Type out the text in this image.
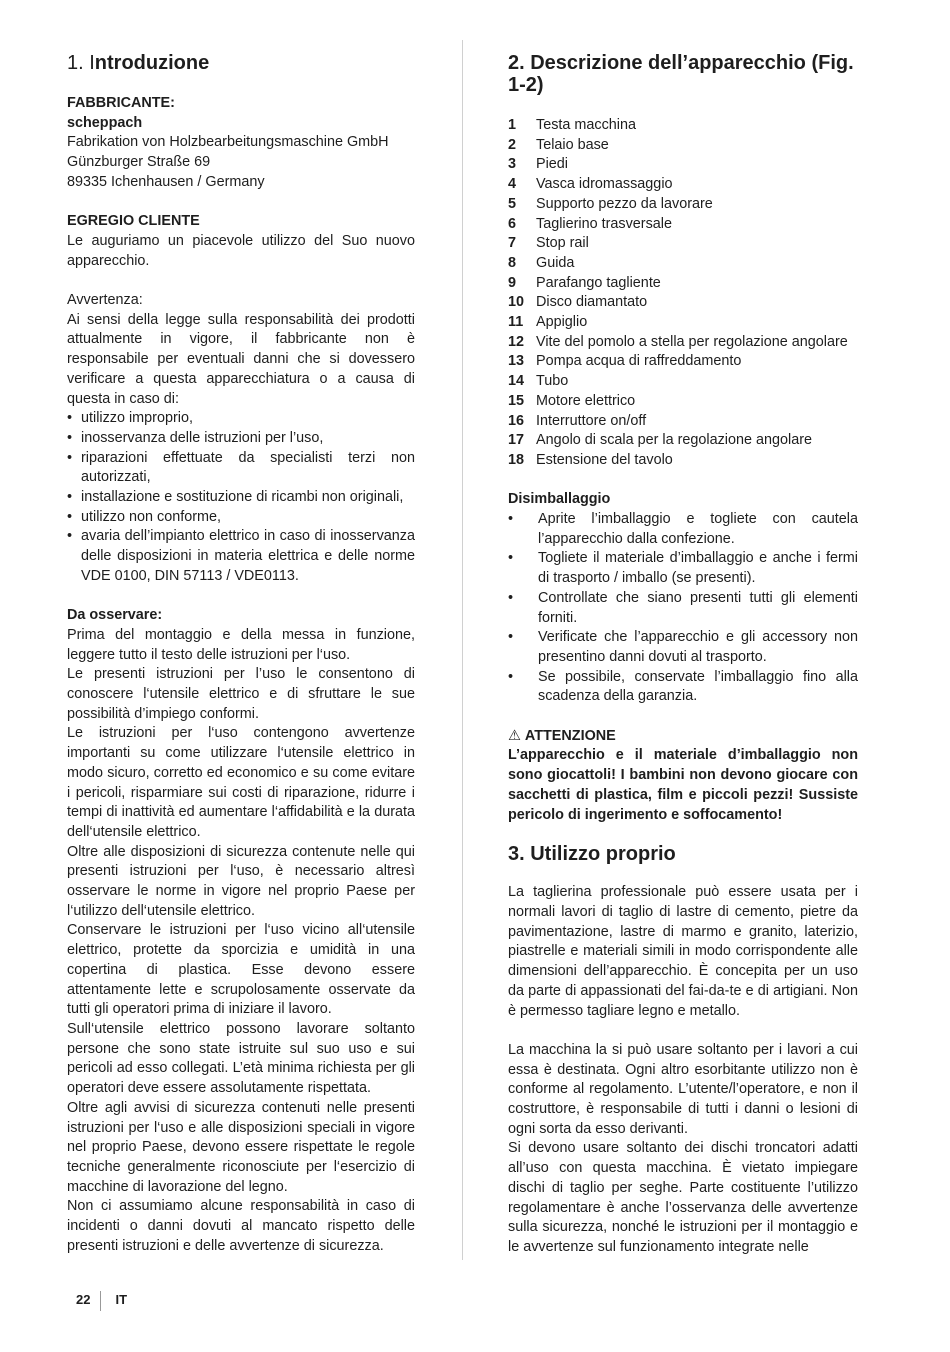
1. Introduzione

FABBRICANTE:

scheppach

Fabrikation von Holzbearbeitungsmaschine GmbH

Günzburger Straße 69

89335 Ichenhausen / Germany

EGREGIO CLIENTE

Le auguriamo un piacevole utilizzo del Suo nuovo apparecchio.

Avvertenza:

Ai sensi della legge sulla responsabilità dei prodotti attualmente in vigore, il fabbricante non è responsabile per eventuali danni che si dovessero verificare a questa apparecchiatura o a causa di questa in caso di:

• utilizzo improprio,
• inosservanza delle istruzioni per l’uso,
• riparazioni effettuate da specialisti terzi non autorizzati,
• installazione e sostituzione di ricambi non originali,
• utilizzo non conforme,
• avaria dell’impianto elettrico in caso di inosservanza delle disposizioni in materia elettrica e delle norme VDE 0100, DIN 57113 / VDE0113.

Da osservare:

Prima del montaggio e della messa in funzione, leggere tutto il testo delle istruzioni per l‘uso.

Le presenti istruzioni per l’uso le consentono di conoscere l‘utensile elettrico e di sfruttare le sue possibilità d’impiego conformi.

Le istruzioni per l‘uso contengono avvertenze importanti su come utilizzare l‘utensile elettrico in modo sicuro, corretto ed economico e su come evitare i pericoli, risparmiare sui costi di riparazione, ridurre i tempi di inattività ed aumentare l‘affidabilità e la durata dell‘utensile elettrico.

Oltre alle disposizioni di sicurezza contenute nelle qui presenti istruzioni per l‘uso, è necessario altresì osservare le norme in vigore nel proprio Paese per l‘utilizzo dell‘utensile elettrico.

Conservare le istruzioni per l‘uso vicino all‘utensile elettrico, protette da sporcizia e umidità in una copertina di plastica. Esse devono essere attentamente lette e scrupolosamente osservate da tutti gli operatori prima di iniziare il lavoro.

Sull‘utensile elettrico possono lavorare soltanto persone che sono state istruite sul suo uso e sui pericoli ad esso collegati. L’età minima richiesta per gli operatori deve essere assolutamente rispettata.

Oltre agli avvisi di sicurezza contenuti nelle presenti istruzioni per l‘uso e alle disposizioni speciali in vigore nel proprio Paese, devono essere rispettate le regole tecniche generalmente riconosciute per l‘esercizio di macchine di lavorazione del legno.

Non ci assumiamo alcune responsabilità in caso di incidenti o danni dovuti al mancato rispetto delle presenti istruzioni e delle avvertenze di sicurezza.

2. Descrizione dell’apparecchio (Fig. 1-2)
1	Testa macchina
2	Telaio base
3	Piedi
4	Vasca idromassaggio
5	Supporto pezzo da lavorare
6	Taglierino trasversale
7	Stop rail
8	Guida
9	Parafango tagliente
10 Disco diamantato
11 Appiglio
12 Vite del pomolo a stella per regolazione angolare
13 Pompa acqua di raffreddamento
14 Tubo
15 Motore elettrico
16 Interruttore on/off
17 Angolo di scala per la regolazione angolare
18 Estensione del tavolo

Disimballaggio

• Aprite l’imballaggio e togliete con cautela l’apparecchio dalla confezione.
• Togliete il materiale d’imballaggio e anche i fermi di trasporto / imballo (se presenti).
• Controllate che siano presenti tutti gli elementi forniti.
• Verificate che l’apparecchio e gli accessory non presentino danni dovuti al trasporto.
• Se possibile, conservate l’imballaggio fino alla scadenza della garanzia.

⚠ ATTENZIONE

L’apparecchio e il materiale d’imballaggio non sono giocattoli! I bambini non devono giocare con sacchetti di plastica, film e piccoli pezzi! Sussiste pericolo di ingerimento e soffocamento!

3. Utilizzo proprio

La taglierina professionale può essere usata per i normali lavori di taglio di lastre di cemento, pietre da pavimentazione, lastre di marmo e granito, laterizio, piastrelle e materiali simili in modo corrispondente alle dimensioni dell’apparecchio. È concepita per un uso da parte di appassionati del fai-da-te e di artigiani. Non è permesso tagliare legno e metallo.

La macchina la si può usare soltanto per i lavori a cui essa è destinata. Ogni altro esorbitante utilizzo non è conforme al regolamento. L’utente/l’operatore, e non il costruttore, è responsabile di tutti i danni o lesioni di ogni sorta da esso derivanti.

Si devono usare soltanto dei dischi troncatori adatti all’uso con questa macchina. È vietato impiegare dischi di taglio per seghe. Parte costituente l’utilizzo regolamentare è anche l’osservanza delle avvertenze sulla sicurezza, nonché le istruzioni per il montaggio e le avvertenze sul funzionamento integrate nelle

22 IT
